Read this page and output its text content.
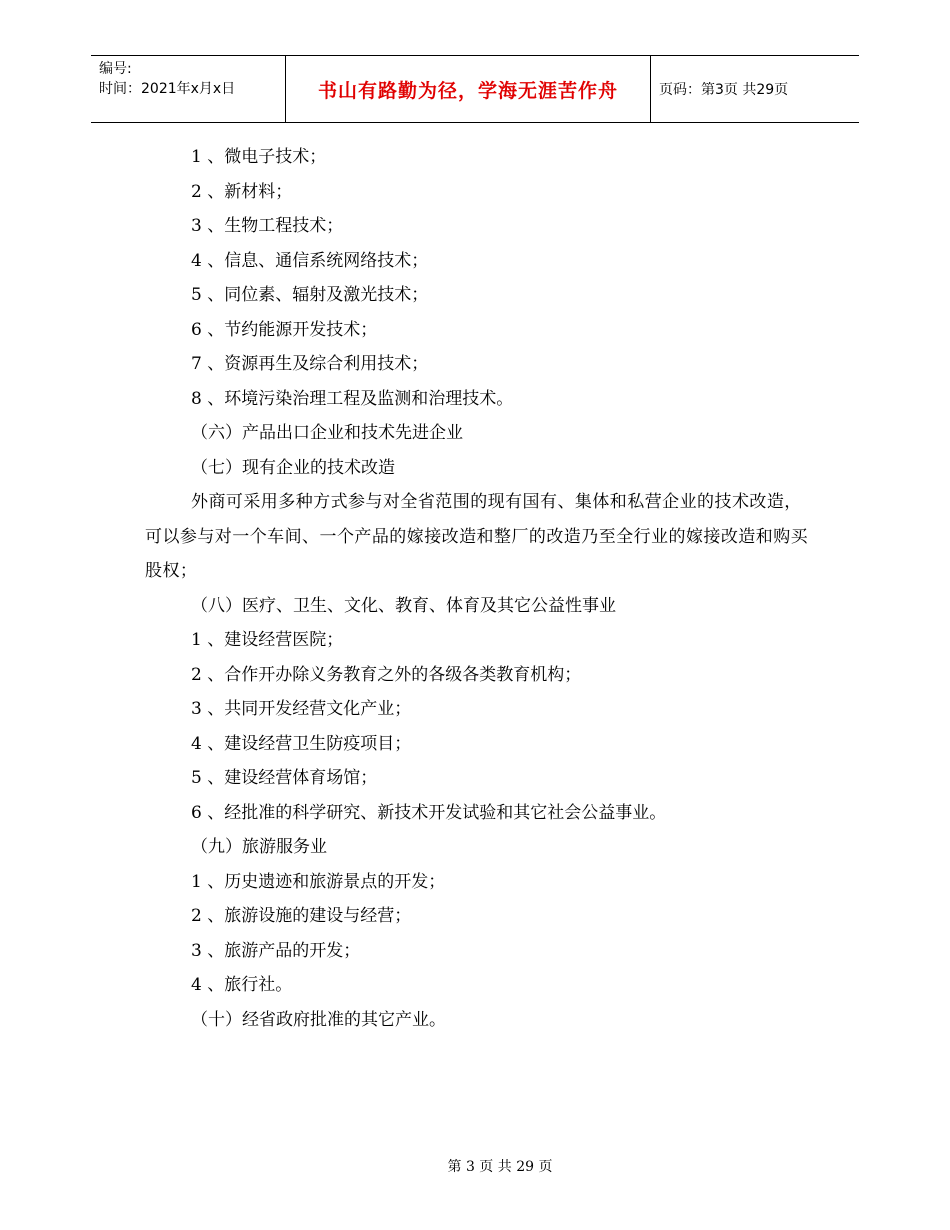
编号:
时间：2021年x月x日	书山有路勤为径，学海无涯苦作舟	页码：第3页 共29页
1 、微电子技术；
2 、新材料；
3 、生物工程技术；
4 、信息、通信系统网络技术；
5 、同位素、辐射及激光技术；
6 、节约能源开发技术；
7 、资源再生及综合利用技术；
8 、环境污染治理工程及监测和治理技术。
（六）产品出口企业和技术先进企业
（七）现有企业的技术改造
外商可采用多种方式参与对全省范围的现有国有、集体和私营企业的技术改造，可以参与对一个车间、一个产品的嫁接改造和整厂的改造乃至全行业的嫁接改造和购买股权；
（八）医疗、卫生、文化、教育、体育及其它公益性事业
1 、建设经营医院；
2 、合作开办除义务教育之外的各级各类教育机构；
3 、共同开发经营文化产业；
4 、建设经营卫生防疫项目；
5 、建设经营体育场馆；
6 、经批准的科学研究、新技术开发试验和其它社会公益事业。
（九）旅游服务业
1 、历史遗迹和旅游景点的开发；
2 、旅游设施的建设与经营；
3 、旅游产品的开发；
4 、旅行社。
（十）经省政府批准的其它产业。
第 3 页 共 29 页
